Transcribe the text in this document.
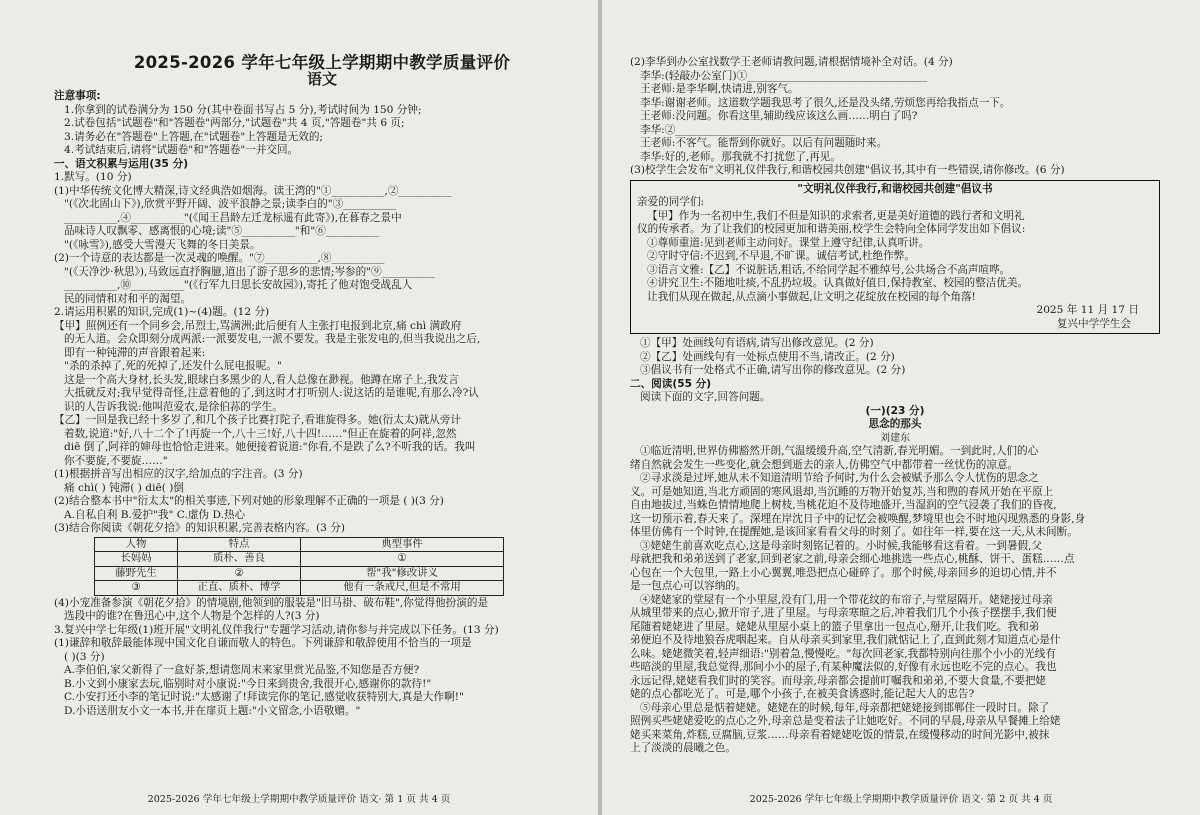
2025-2026 学年七年级上学期期中教学质量评价
语文
注意事项:
1.你拿到的试卷满分为 150 分(其中卷面书写占 5 分),考试时间为 150 分钟;
2.试卷包括"试题卷"和"答题卷"两部分,"试题卷"共 4 页,"答题卷"共 6 页;
3.请务必在"答题卷"上答题,在"试题卷"上答题是无效的;
4.考试结束后,请将"试题卷"和"答题卷"一并交回。
一、语文积累与运用(35 分)
1.默写。(10 分)
(1)中华传统文化博大精深,诗文经典浩如烟海。读王湾的"①__________,②__________
"(《次北固山下》),欣赏平野开阔、波平浪静之景;读李白的"③__________
__________,④__________"(《闻王昌龄左迁龙标遥有此寄》),在暮春之景中
品味诗人叹飘零、感离恨的心境;读"⑤__________"和"⑥__________
"(《咏雪》),感受大雪漫天飞舞的冬日美景。
(2)一个诗意的表达都是一次灵魂的唤醒。"⑦__________,⑧__________
"(《天净沙·秋思》),马致远直抒胸臆,道出了游子思乡的悲情;岑参的"⑨__________
__________,⑩__________"(《行军九日思长安故园》),寄托了他对饱受战乱人
民的同情和对和平的渴望。
2.请运用积累的知识,完成(1)~(4)题。(12 分)
【甲】照例还有一个同乡会,吊烈士,骂满洲;此后便有人主张打电报到北京,痛 chì 满政府
的无人道。会众即刻分成两派:一派要发电,一派不要发。我是主张发电的,但当我说出之后,
即有一种钝滞的声音跟着起来:
"杀的杀掉了,死的死掉了,还发什么屁电报呢。"
这是一个高大身材,长头发,眼球白多黑少的人,看人总像在渺视。他蹲在席子上,我发言
大抵就反对;我早觉得奇怪,注意着他的了,到这时才打听别人:说这话的是谁呢,有那么冷?认
识的人告诉我说:他叫范爱农,是徐伯荪的学生。
【乙】一回是我已经十多岁了,和几个孩子比赛打陀子,看谁旋得多。她(衍太太)就从旁计
着数,说道:"好,八十二个了!再旋一个,八十三!好,八十四!……"但正在旋着的阿祥,忽然
diē 倒了,阿祥的婶母也恰恰走进来。她便接着说道:"你看,不是跌了么?不听我的话。我叫
你不要旋,不要旋……"
(1)根据拼音写出相应的汉字,给加点的字注音。(3 分)
痛 chì( ) 钝滞( ) diē( )倒
(2)结合整本书中"衍太太"的相关事迹,下列对她的形象理解不正确的一项是 ( )(3 分)
A.自私自利 B.爱护"我" C.虚伪 D.热心
(3)结合你阅读《朝花夕拾》的知识积累,完善表格内容。(3 分)
人物	特点	典型事件
长妈妈	质朴、善良	①
藤野先生	②	帮"我"修改讲义
③	正直、质朴、博学	他有一条戒尺,但是不常用
(4)小宠准备参演《朝花夕拾》的情境剧,他领到的服装是"旧马褂、破布鞋",你觉得他扮演的是
选段中的谁?在鲁迅心中,这个人物是个怎样的人?(3 分)
3.复兴中学七年级(1)班开展"文明礼仪伴我行"专题学习活动,请你参与并完成以下任务。(13 分)
(1)谦辞和敬辞最能体现中国文化自谦而敬人的特色。下列谦辞和敬辞使用不恰当的一项是
( )(3 分)
A.李伯伯,家父新得了一盒好茶,想请您周末来家里赏光品鉴,不知您是否方便?
B.小文到小康家去玩,临别时对小康说:"今日来到贵舍,我很开心,感谢你的款待!"
C.小安打还小李的笔记时说:"太感谢了!拜读完你的笔记,感觉收获特别大,真是大作啊!"
D.小语送朋友小文一本书,并在扉页上题:"小文留念,小语敬赠。"
2025-2026 学年七年级上学期期中教学质量评价 语文· 第 1 页 共 4 页
(2)李华到办公室找数学王老师请教问题,请根据情境补全对话。(4 分)
李华:(轻敲办公室门)①__________________________________
王老师:是李华啊,快请进,别客气。
李华:谢谢老师。这道数学题我思考了很久,还是没头绪,劳烦您再给我指点一下。
王老师:没问题。你看这里,辅助线应该这么画……明白了吗?
李华:②__________________________________
王老师:不客气。能帮到你就好。以后有问题随时来。
李华:好的,老师。那我就不打扰您了,再见。
(3)校学生会发布"文明礼仪伴我行,和谐校园共创建"倡议书,其中有一些错误,请你修改。(6 分)
"文明礼仪伴我行,和谐校园共创建"倡议书
亲爱的同学们:
【甲】作为一名初中生,我们不但是知识的求索者,更是美好道德的践行者和文明礼
仪的传承者。为了让我们的校园更加和谐美丽,校学生会特向全体同学发出如下倡议:
①尊师重道:见到老师主动问好。课堂上遵守纪律,认真听讲。
②守时守信:不迟到,不早退,不旷课。诚信考试,杜绝作弊。
③语言文雅:【乙】不说脏话,粗话,不给同学起不雅绰号,公共场合不高声喧哗。
④讲究卫生:不随地吐痰,不乱扔垃圾。认真做好值日,保持教室、校园的整洁优美。
让我们从现在做起,从点滴小事做起,让文明之花绽放在校园的每个角落!
2025 年 11 月 17 日
复兴中学学生会
①【甲】处画线句有语病,请写出修改意见。(2 分)
②【乙】处画线句有一处标点使用不当,请改正。(2 分)
③倡议书有一处格式不正确,请写出你的修改意见。(2 分)
二、阅读(55 分)
阅读下面的文字,回答问题。
(一)(23 分)
思念的那头
刘建东
①临近清明,世界仿佛豁然开朗,气温缓缓升高,空气清新,春光明媚。一到此时,人们的心
绪自然就会发生一些变化,就会想到逝去的亲人,仿佛空气中都带着一丝忧伤的凉意。
②寻求淡是过坪,她从未不知道清明节给予何时,为什么会被赋予那么令人忧伤的思念之
义。可是她知道,当北方顽固的寒风退却,当沉睡的万物开始复苏,当和煦的春风开始在平原上
自由地拔过,当蛛色情情地爬上树枝,当桃花迫不及待地盛开,当湿润的空气浸袭了我们的昏夜,
这一切预示着,春天来了。深埋在岸沈日子中的记忆会被唤醒,梦境里也会不时地闪现熟悉的身影,身
体里仿佛有一个时钟,在提醒她,是该回家看看父母的时刻了。如往年一样,要在这一天,从未间断。
③姥姥生前喜欢吃点心,这是母亲时刻铭记着的。小时候,我能够看这看着。一到暑假,父
母就把我和弟弟送到了老家,回到老家之前,母亲会细心地挑选一些点心,桃酥、饼干、蛋糕……点
心包在一个大包里,一路上小心翼翼,唯恐把点心碰碎了。那个时候,母亲回乡的迫切心情,并不
是一包点心可以容纳的。
④姥姥家的堂屋有一个小里屋,没有门,用一个带花纹的布帘子,与堂屋隔开。姥姥接过母亲
从城里带来的点心,掀开帘子,进了里屋。与母亲寒暄之后,冲着我们几个小孩子摆摆手,我们便
尾随着姥姥进了里屋。姥姥从里屋小桌上的篮子里拿出一包点心,掰开,让我们吃。我和弟
弟便迫不及待地狼吞虎咽起来。自从母亲买到家里,我们就惦记上了,直到此刻才知道点心是什
么味。姥姥微笑着,轻声细语:"别着急,慢慢吃。"每次回老家,我都特别向往那个小小的光线有
些暗淡的里屋,我总觉得,那间小小的屋子,有某种魔法似的,好像有永远也吃不完的点心。我也
永远记得,姥姥看我们时的笑容。而母亲,母亲都会提前叮嘱我和弟弟,不要大食量,不要把姥
姥的点心都吃光了。可是,哪个小孩子,在被美食诱惑时,能记起大人的忠告?
⑤母亲心里总是惦着姥姥。姥姥在的时候,每年,母亲都把姥姥接到邯郸住一段时日。除了
照例买些姥姥爱吃的点心之外,母亲总是变着法子让她吃好。不同的早晨,母亲从早餐摊上给姥
姥买来菜角,炸糕,豆腐脑,豆浆……母亲看着姥姥吃饭的情景,在缓慢移动的时间光影中,被抹
上了淡淡的晨曦之色。
2025-2026 学年七年级上学期期中教学质量评价 语文· 第 2 页 共 4 页
